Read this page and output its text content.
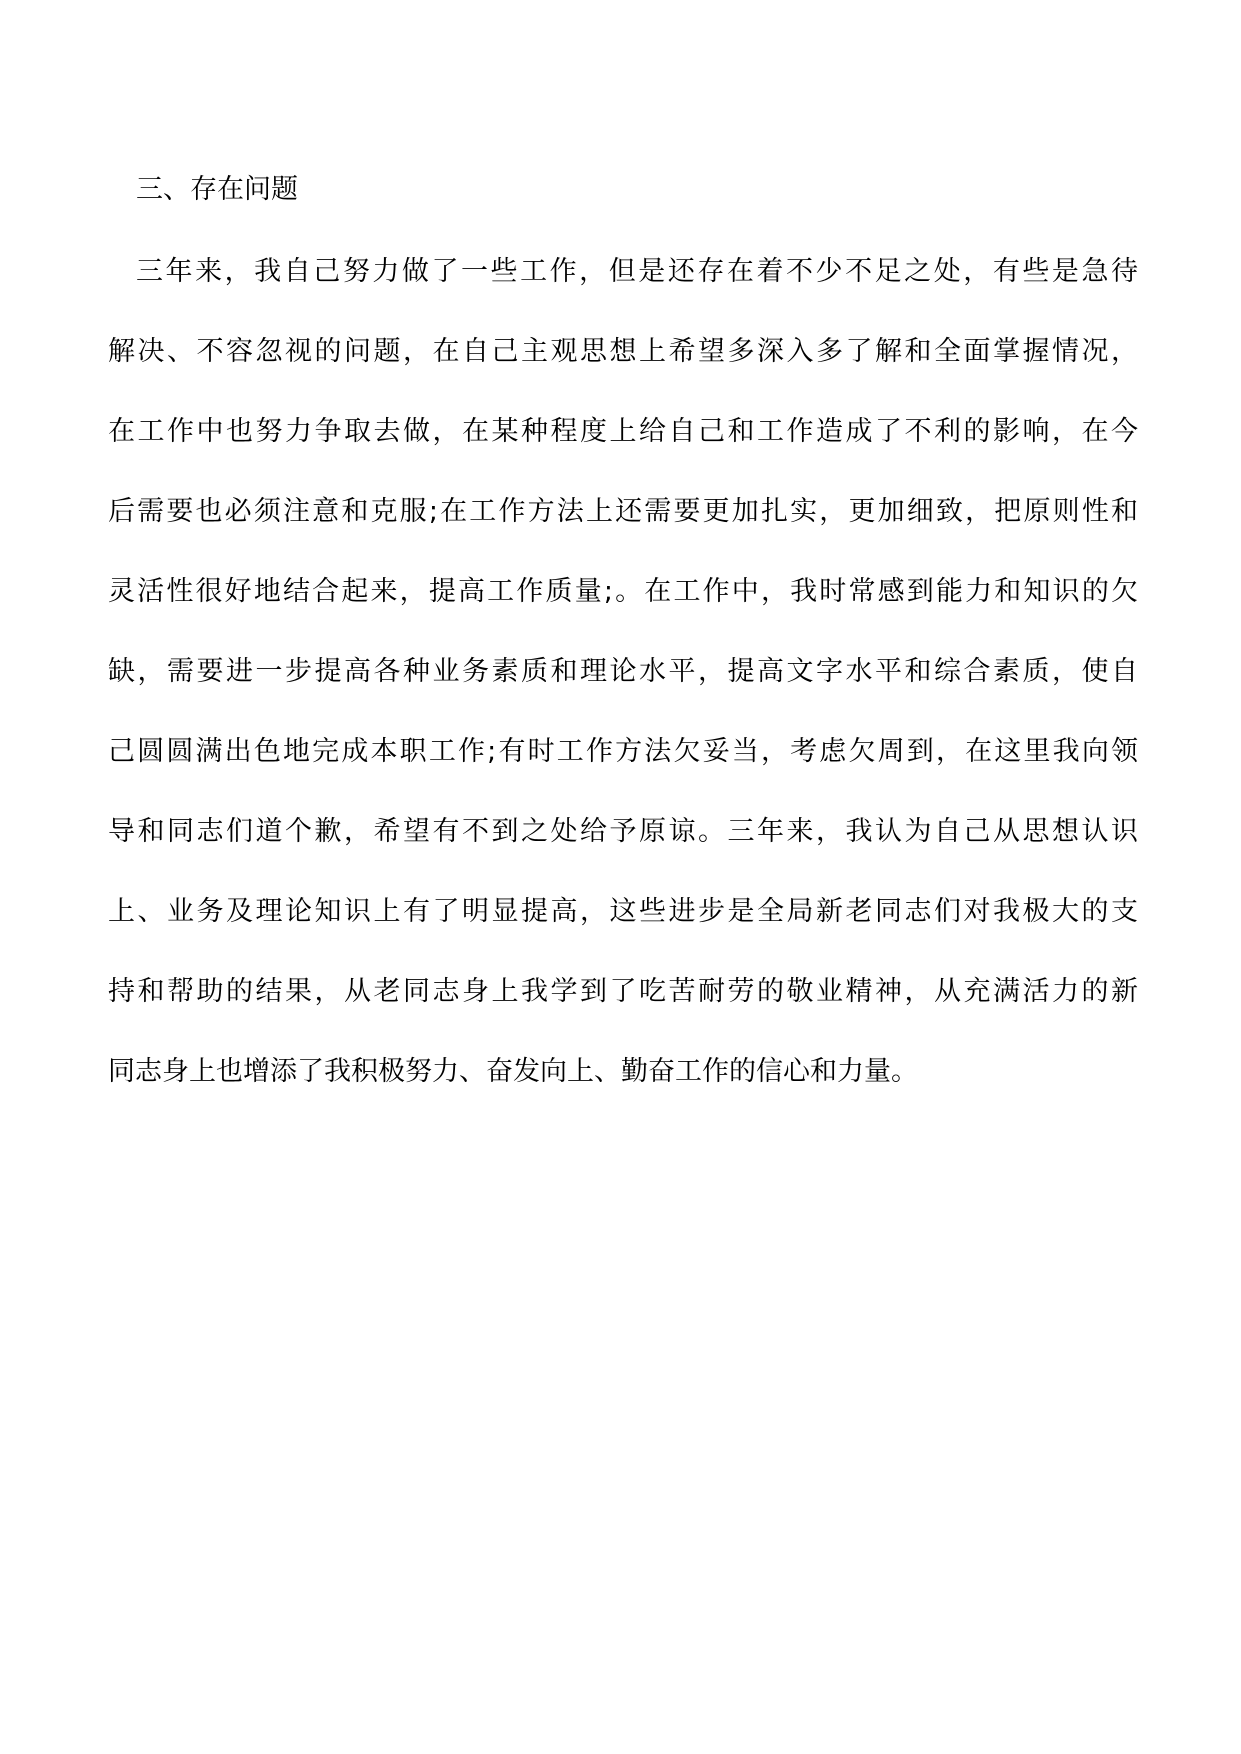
三、存在问题
三年来，我自己努力做了一些工作，但是还存在着不少不足之处，有些是急待
解决、不容忽视的问题，在自己主观思想上希望多深入多了解和全面掌握情况，
在工作中也努力争取去做，在某种程度上给自己和工作造成了不利的影响，在今
后需要也必须注意和克服;在工作方法上还需要更加扎实，更加细致，把原则性和
灵活性很好地结合起来，提高工作质量;。在工作中，我时常感到能力和知识的欠
缺，需要进一步提高各种业务素质和理论水平，提高文字水平和综合素质，使自
己圆圆满出色地完成本职工作;有时工作方法欠妥当，考虑欠周到，在这里我向领
导和同志们道个歉，希望有不到之处给予原谅。三年来，我认为自己从思想认识
上、业务及理论知识上有了明显提高，这些进步是全局新老同志们对我极大的支
持和帮助的结果，从老同志身上我学到了吃苦耐劳的敬业精神，从充满活力的新
同志身上也增添了我积极努力、奋发向上、勤奋工作的信心和力量。
